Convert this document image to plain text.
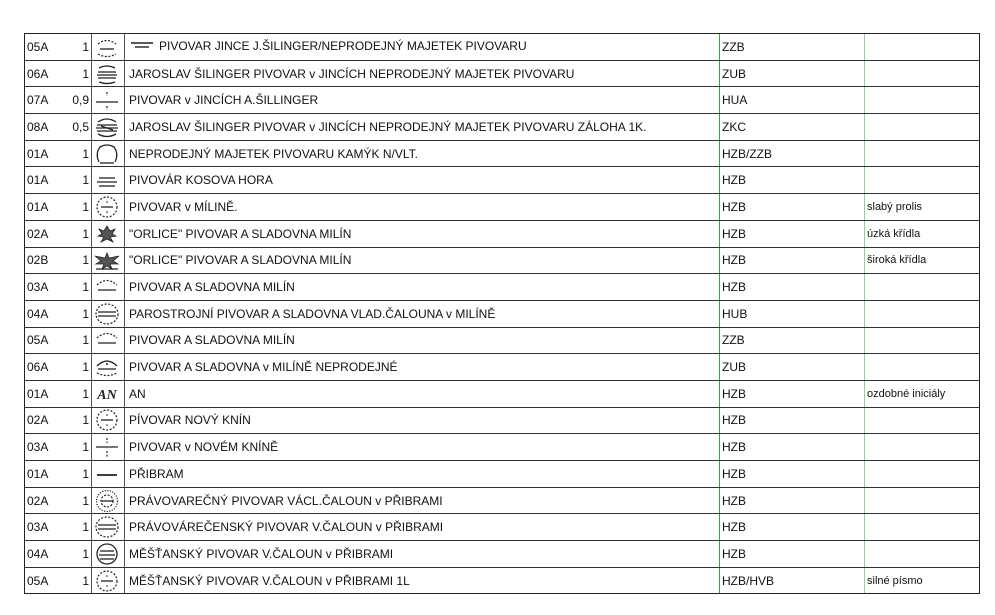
05A	1		PIVOVAR JINCE J.ŠILINGER/NEPRODEJNÝ MAJETEK PIVOVARU	ZZB	
06A	1		JAROSLAV ŠILINGER PIVOVAR v JINCÍCH NEPRODEJNÝ MAJETEK PIVOVARU	ZUB	
07A	0,9		PIVOVAR v JINCÍCH A.ŠILLINGER	HUA	
08A	0,5		JAROSLAV ŠILINGER PIVOVAR v JINCÍCH NEPRODEJNÝ MAJETEK PIVOVARU ZÁLOHA 1K.	ZKC	
01A	1		NEPRODEJNÝ MAJETEK PIVOVARU KAMÝK N/VLT.	HZB/ZZB	
01A	1		PIVOVÁR KOSOVA HORA	HZB	
01A	1		PIVOVAR v MÍLINĚ.	HZB	slabý prolis
02A	1		"ORLICE" PIVOVAR A SLADOVNA MILÍN	HZB	úzká křídla
02B	1		"ORLICE" PIVOVAR A SLADOVNA MILÍN	HZB	široká křídla
03A	1		PIVOVAR A SLADOVNA MILÍN	HZB	
04A	1		PAROSTROJNÍ PIVOVAR A SLADOVNA VLAD.ČALOUNA v MILÍNĚ	HUB	
05A	1		PIVOVAR A SLADOVNA MILÍN	ZZB	
06A	1		PIVOVAR A SLADOVNA v MILÍNĚ NEPRODEJNÉ	ZUB	
01A	1	AN	AN	HZB	ozdobné iniciály
02A	1		PÍVOVAR NOVÝ KNÍN	HZB	
03A	1		PIVOVAR v NOVÉM KNÍNĚ	HZB	
01A	1		PŘIBRAM	HZB	
02A	1		PRÁVOVAREČNÝ PIVOVAR VÁCL.ČALOUN v PŘIBRAMI	HZB	
03A	1		PRÁVOVÁREČENSKÝ PIVOVAR V.ČALOUN v PŘIBRAMI	HZB	
04A	1		MĚŠŤANSKÝ PIVOVAR V.ČALOUN v PŘIBRAMI	HZB	
05A	1		MĚŠŤANSKÝ PIVOVAR V.ČALOUN v PŘIBRAMI 1L	HZB/HVB	silné písmo
